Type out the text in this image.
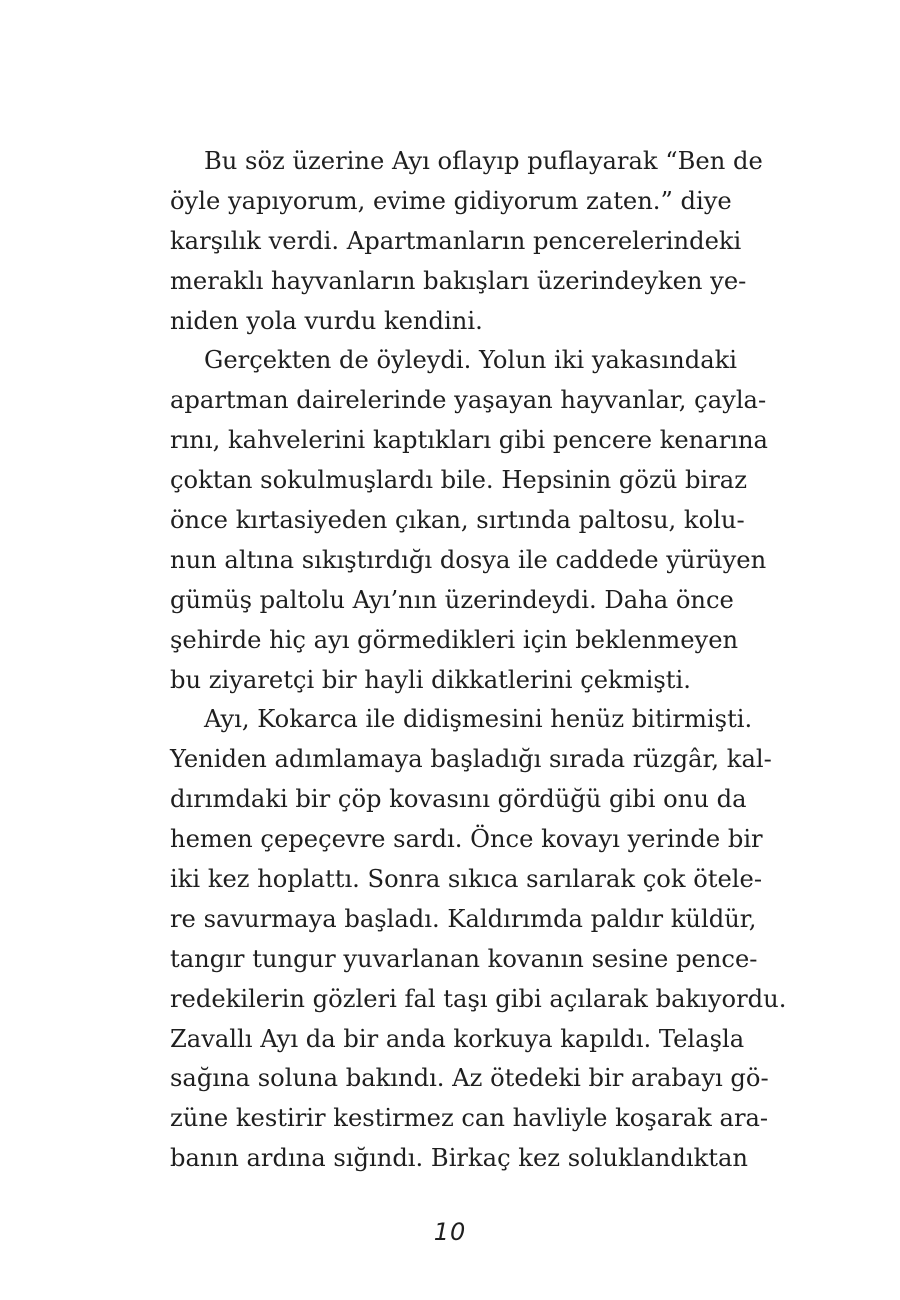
Bu söz üzerine Ayı oflayıp puflayarak “Ben de
öyle yapıyorum, evime gidiyorum zaten.” diye
karşılık verdi. Apartmanların pencerelerindeki
meraklı hayvanların bakışları üzerindeyken ye-
niden yola vurdu kendini.
Gerçekten de öyleydi. Yolun iki yakasındaki
apartman dairelerinde yaşayan hayvanlar, çayla-
rını, kahvelerini kaptıkları gibi pencere kenarına
çoktan sokulmuşlardı bile. Hepsinin gözü biraz
önce kırtasiyeden çıkan, sırtında paltosu, kolu-
nun altına sıkıştırdığı dosya ile caddede yürüyen
gümüş paltolu Ayı’nın üzerindeydi. Daha önce
şehirde hiç ayı görmedikleri için beklenmeyen
bu ziyaretçi bir hayli dikkatlerini çekmişti.
Ayı, Kokarca ile didişmesini henüz bitirmişti.
Yeniden adımlamaya başladığı sırada rüzgâr, kal-
dırımdaki bir çöp kovasını gördüğü gibi onu da
hemen çepeçevre sardı. Önce kovayı yerinde bir
iki kez hoplattı. Sonra sıkıca sarılarak çok ötele-
re savurmaya başladı. Kaldırımda paldır küldür,
tangır tungur yuvarlanan kovanın sesine pence-
redekilerin gözleri fal taşı gibi açılarak bakıyordu.
Zavallı Ayı da bir anda korkuya kapıldı. Telaşla
sağına soluna bakındı. Az ötedeki bir arabayı gö-
züne kestirir kestirmez can havliyle koşarak ara-
banın ardına sığındı. Birkaç kez soluklandıktan
10
